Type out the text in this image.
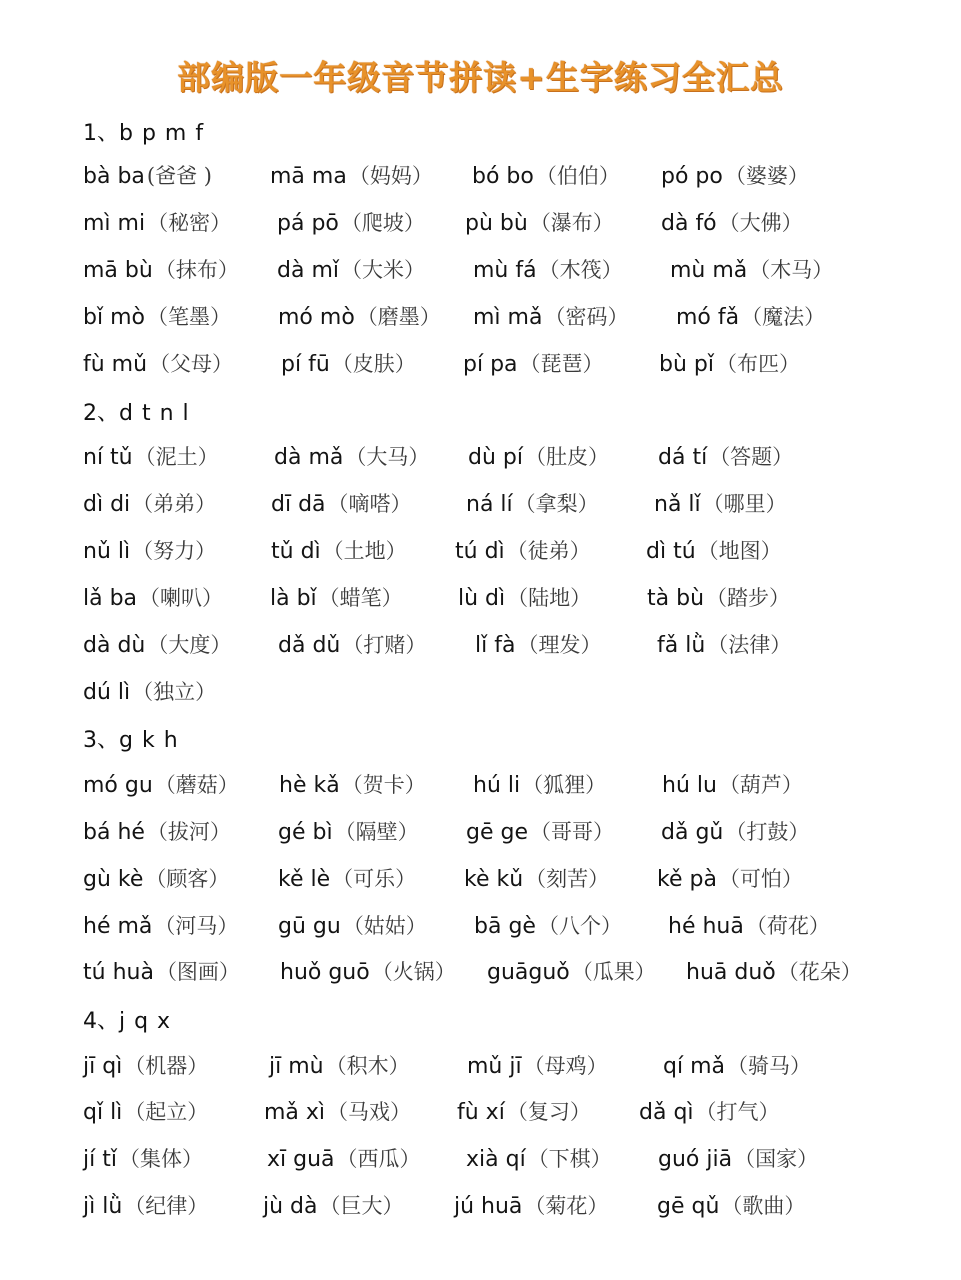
部编版一年级音节拼读+生字练习全汇总
1、b p m f
bà ba(爸爸 )	mā ma（妈妈） bó bo（伯伯） pó po（婆婆）
mì mi（秘密） pá pō（爬坡） pù bù（瀑布） dà fó（大佛）
mā bù（抹布） dà mǐ（大米） mù fá（木筏） mù mǎ（木马）
bǐ mò（笔墨） mó mò（磨墨） mì mǎ（密码） mó fǎ（魔法）
fù mǔ（父母） pí fū（皮肤） pí pa（琵琶）	bù pǐ（布匹）
2、d t n l
ní tǔ（泥土）	dà mǎ（大马） dù pí（肚皮） dá tí（答题）
dì di（弟弟） dī dā（嘀嗒） ná lí（拿梨）	nǎ lǐ（哪里）
nǔ lì（努力） tǔ dì（土地） tú dì（徒弟）	dì tú（地图）
lǎ ba（喇叭） là bǐ（蜡笔）	lù dì（陆地）	tà bù（踏步）
dà dù（大度） dǎ dǔ（打赌） lǐ fà（理发）	fǎ lǜ（法律）
dú lì（独立）
3、g k h
mó gu（蘑菇） hè kǎ（贺卡） hú li（狐狸）	hú lu（葫芦）
bá hé（拔河） gé bì（隔壁） gē ge（哥哥） dǎ gǔ（打鼓）
gù kè（顾客） kě lè（可乐） kè kǔ（刻苦） kě pà（可怕）
hé mǎ（河马） gū gu（姑姑） bā gè（八个） hé huā（荷花）
tú huà（图画） huǒ guō（火锅） guāguǒ（瓜果） huā duǒ（花朵）
4、j q x
jī qì（机器）	jī mù（积木）	mǔ jī（母鸡）	qí mǎ（骑马）
qǐ lì（起立）	mǎ xì（马戏） fù xí（复习） dǎ qì（打气）
jí tǐ（集体）	xī guā（西瓜） xià qí（下棋） guó jiā（国家）
jì lǜ（纪律） jù dà（巨大） jú huā（菊花） gē qǔ（歌曲）
